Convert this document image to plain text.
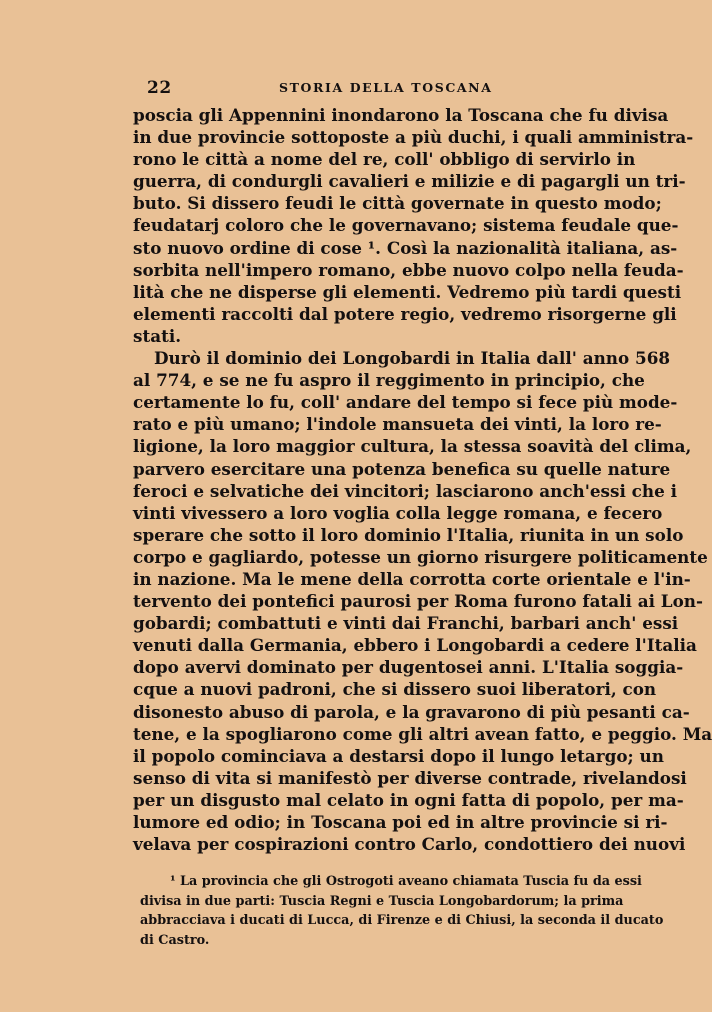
22	STORIA DELLA TOSCANA
poscia gli Appennini inondarono la Toscana che fu divisa
in due provincie sottoposte a più duchi, i quali amministra-
rono le città a nome del re, coll' obbligo di servirlo in
guerra, di condurgli cavalieri e milizie e di pagargli un tri-
buto. Si dissero feudi le città governate in questo modo;
feudatarj coloro che le governavano; sistema feudale que-
sto nuovo ordine di cose ¹. Così la nazionalità italiana, as-
sorbita nell'impero romano, ebbe nuovo colpo nella feuda-
lità che ne disperse gli elementi. Vedremo più tardi questi
elementi raccolti dal potere regio, vedremo risorgerne gli
stati.
Durò il dominio dei Longobardi in Italia dall' anno 568
al 774, e se ne fu aspro il reggimento in principio, che
certamente lo fu, coll' andare del tempo si fece più mode-
rato e più umano; l'indole mansueta dei vinti, la loro re-
ligione, la loro maggior cultura, la stessa soavità del clima,
parvero esercitare una potenza benefica su quelle nature
feroci e selvatiche dei vincitori; lasciarono anch'essi che i
vinti vivessero a loro voglia colla legge romana, e fecero
sperare che sotto il loro dominio l'Italia, riunita in un solo
corpo e gagliardo, potesse un giorno risurgere politicamente
in nazione. Ma le mene della corrotta corte orientale e l'in-
tervento dei pontefici paurosi per Roma furono fatali ai Lon-
gobardi; combattuti e vinti dai Franchi, barbari anch' essi
venuti dalla Germania, ebbero i Longobardi a cedere l'Italia
dopo avervi dominato per dugentosei anni. L'Italia soggia-
cque a nuovi padroni, che si dissero suoi liberatori, con
disonesto abuso di parola, e la gravarono di più pesanti ca-
tene, e la spogliarono come gli altri avean fatto, e peggio. Ma
il popolo cominciava a destarsi dopo il lungo letargo; un
senso di vita si manifestò per diverse contrade, rivelandosi
per un disgusto mal celato in ogni fatta di popolo, per ma-
lumore ed odio; in Toscana poi ed in altre provincie si ri-
velava per cospirazioni contro Carlo, condottiero dei nuovi
¹ La provincia che gli Ostrogoti aveano chiamata Tuscia fu da essi
divisa in due parti: Tuscia Regni e Tuscia Longobardorum; la prima
abbracciava i ducati di Lucca, di Firenze e di Chiusi, la seconda il ducato
di Castro.
